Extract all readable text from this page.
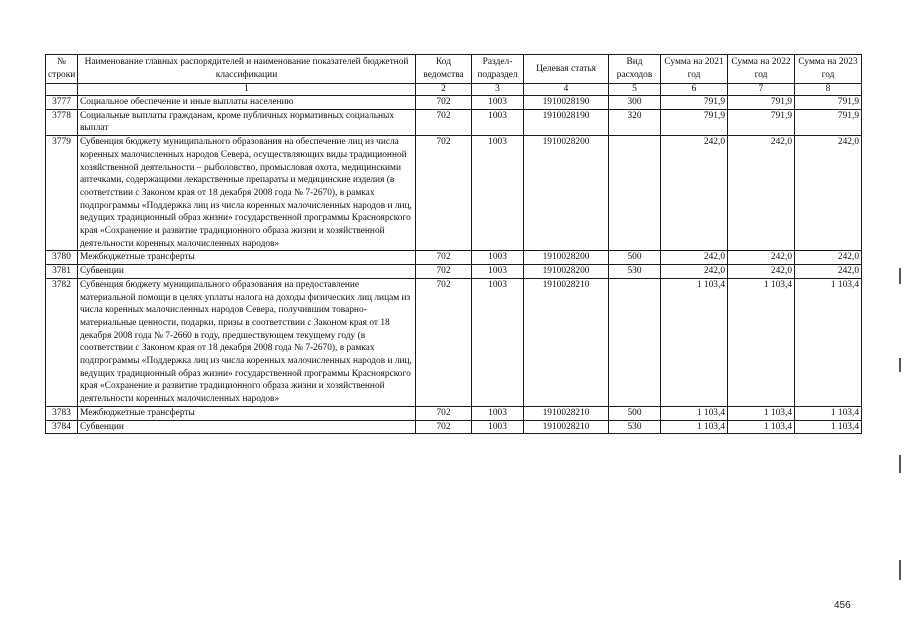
№ строки	Наименование главных распорядителей и наименование показателей бюджетной классификации	Код ведомства	Раздел-подраздел	Целевая статья	Вид расходов	Сумма на 2021 год	Сумма на 2022 год	Сумма на 2023 год
	1	2	3	4	5	6	7	8
3777	Социальное обеспечение и иные выплаты населению	702	1003	1910028190	300	791,9	791,9	791,9
3778	Социальные выплаты гражданам, кроме публичных нормативных социальных выплат	702	1003	1910028190	320	791,9	791,9	791,9
3779	Субвенция бюджету муниципального образования на обеспечение лиц из числа коренных малочисленных народов Севера, осуществляющих виды традиционной хозяйственной деятельности – рыболовство, промысловая охота, медицинскими аптечками, содержащими лекарственные препараты и медицинские изделия (в соответствии с Законом края от 18 декабря 2008 года № 7-2670), в рамках подпрограммы «Поддержка лиц из числа коренных малочисленных народов и лиц, ведущих традиционный образ жизни» государственной программы Красноярского края «Сохранение и развитие традиционного образа жизни и хозяйственной деятельности коренных малочисленных народов»	702	1003	1910028200		242,0	242,0	242,0
3780	Межбюджетные трансферты	702	1003	1910028200	500	242,0	242,0	242,0
3781	Субвенции	702	1003	1910028200	530	242,0	242,0	242,0
3782	Субвенция бюджету муниципального образования на предоставление материальной помощи в целях уплаты налога на доходы физических лиц лицам из числа коренных малочисленных народов Севера, получившим товарно-материальные ценности, подарки, призы в соответствии с Законом края от 18 декабря 2008 года № 7-2660 в году, предшествующем текущему году (в соответствии с Законом края от 18 декабря 2008 года № 7-2670), в рамках подпрограммы «Поддержка лиц из числа коренных малочисленных народов и лиц, ведущих традиционный образ жизни» государственной программы Красноярского края «Сохранение и развитие традиционного образа жизни и хозяйственной деятельности коренных малочисленных народов»	702	1003	1910028210		1 103,4	1 103,4	1 103,4
3783	Межбюджетные трансферты	702	1003	1910028210	500	1 103,4	1 103,4	1 103,4
3784	Субвенции	702	1003	1910028210	530	1 103,4	1 103,4	1 103,4
456
